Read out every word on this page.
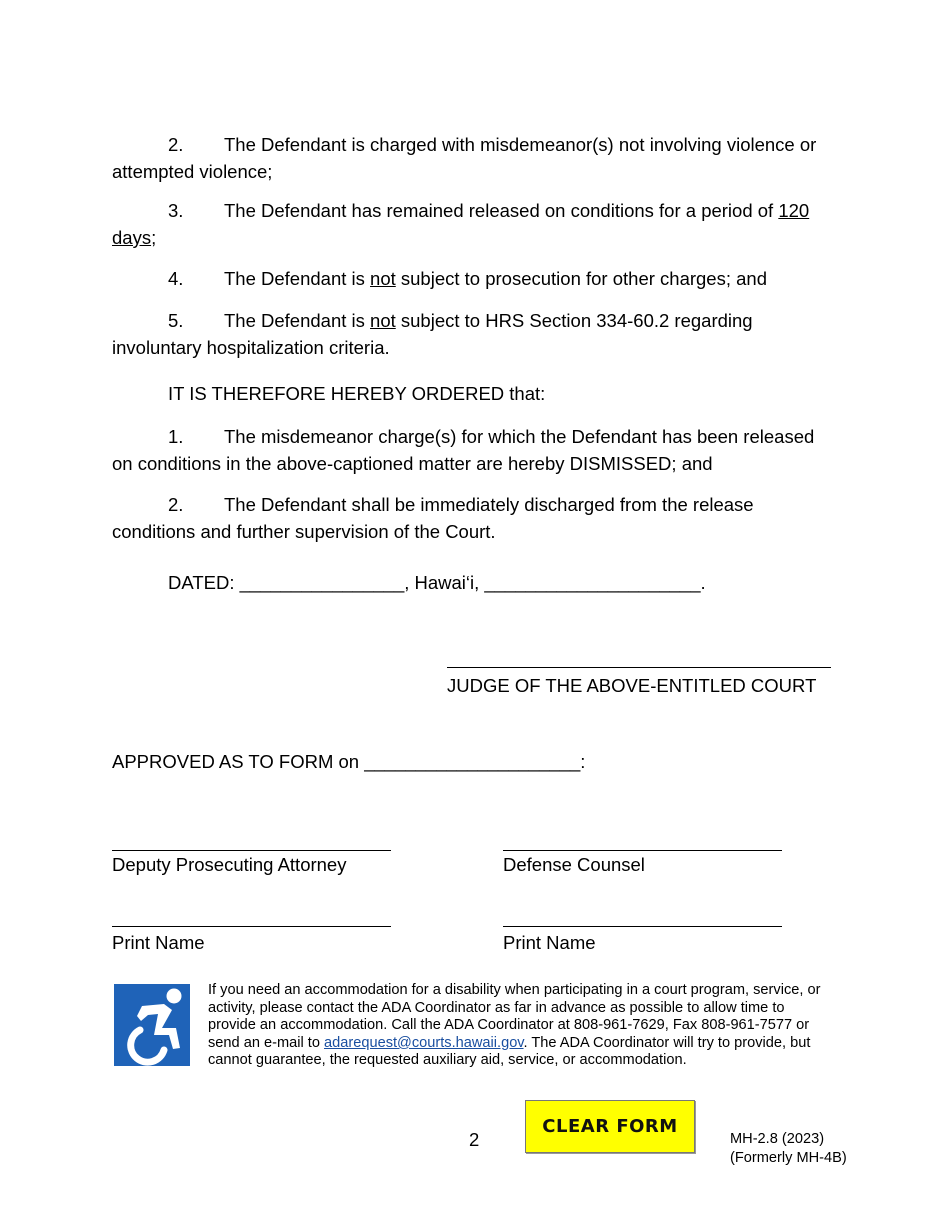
2. The Defendant is charged with misdemeanor(s) not involving violence or attempted violence;
3. The Defendant has remained released on conditions for a period of 120 days;
4. The Defendant is not subject to prosecution for other charges; and
5. The Defendant is not subject to HRS Section 334-60.2 regarding involuntary hospitalization criteria.
IT IS THEREFORE HEREBY ORDERED that:
1. The misdemeanor charge(s) for which the Defendant has been released on conditions in the above-captioned matter are hereby DISMISSED; and
2. The Defendant shall be immediately discharged from the release conditions and further supervision of the Court.
DATED: ________________, Hawai‘i, _____________________.
JUDGE OF THE ABOVE-ENTITLED COURT
APPROVED AS TO FORM on _____________________:
Deputy Prosecuting Attorney	Defense Counsel
Print Name	Print Name
If you need an accommodation for a disability when participating in a court program, service, or activity, please contact the ADA Coordinator as far in advance as possible to allow time to provide an accommodation. Call the ADA Coordinator at 808-961-7629, Fax 808-961-7577 or send an e-mail to adarequest@courts.hawaii.gov. The ADA Coordinator will try to provide, but cannot guarantee, the requested auxiliary aid, service, or accommodation.
2
CLEAR FORM
MH-2.8 (2023)
(Formerly MH-4B)
